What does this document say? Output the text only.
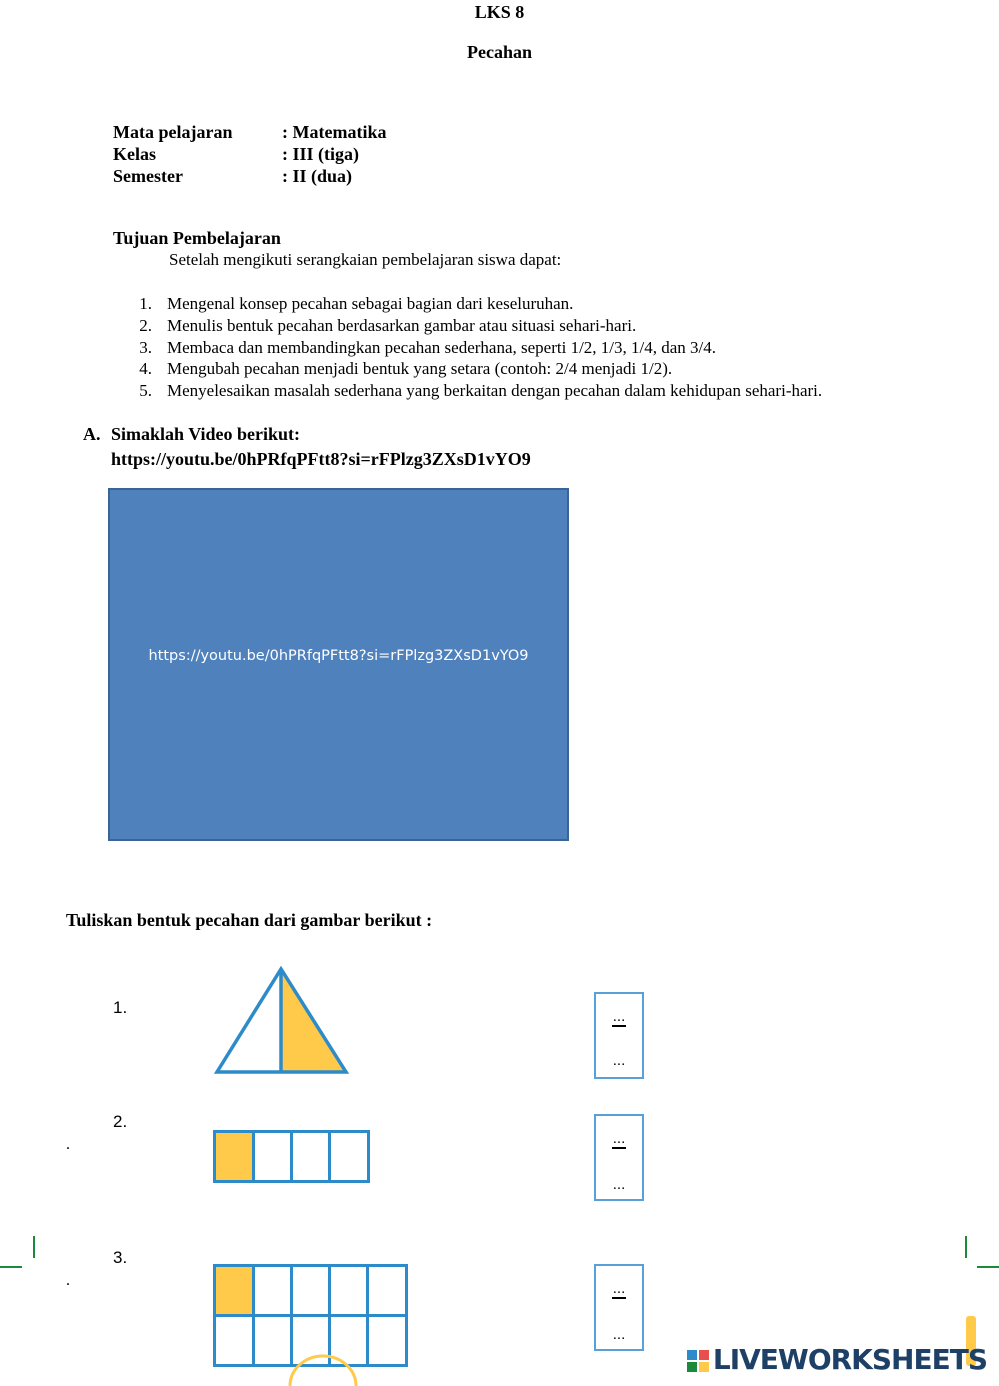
LKS 8
Pecahan
Mata pelajaran	: Matematika
Kelas	: III (tiga)
Semester	: II (dua)
Tujuan Pembelajaran
Setelah mengikuti serangkaian pembelajaran siswa dapat:
1. Mengenal konsep pecahan sebagai bagian dari keseluruhan.
2. Menulis bentuk pecahan berdasarkan gambar atau situasi sehari-hari.
3. Membaca dan membandingkan pecahan sederhana, seperti 1/2, 1/3, 1/4, dan 3/4.
4. Mengubah pecahan menjadi bentuk yang setara (contoh: 2/4 menjadi 1/2).
5. Menyelesaikan masalah sederhana yang berkaitan dengan pecahan dalam kehidupan sehari-hari.
A. Simaklah Video berikut:
https://youtu.be/0hPRfqPFtt8?si=rFPlzg3ZXsD1vYO9
https://youtu.be/0hPRfqPFtt8?si=rFPlzg3ZXsD1vYO9
Tuliskan bentuk pecahan dari gambar berikut :
1.	...
...
2.
.	...
...
3.
.	...
...
LIVEWORKSHEETS
